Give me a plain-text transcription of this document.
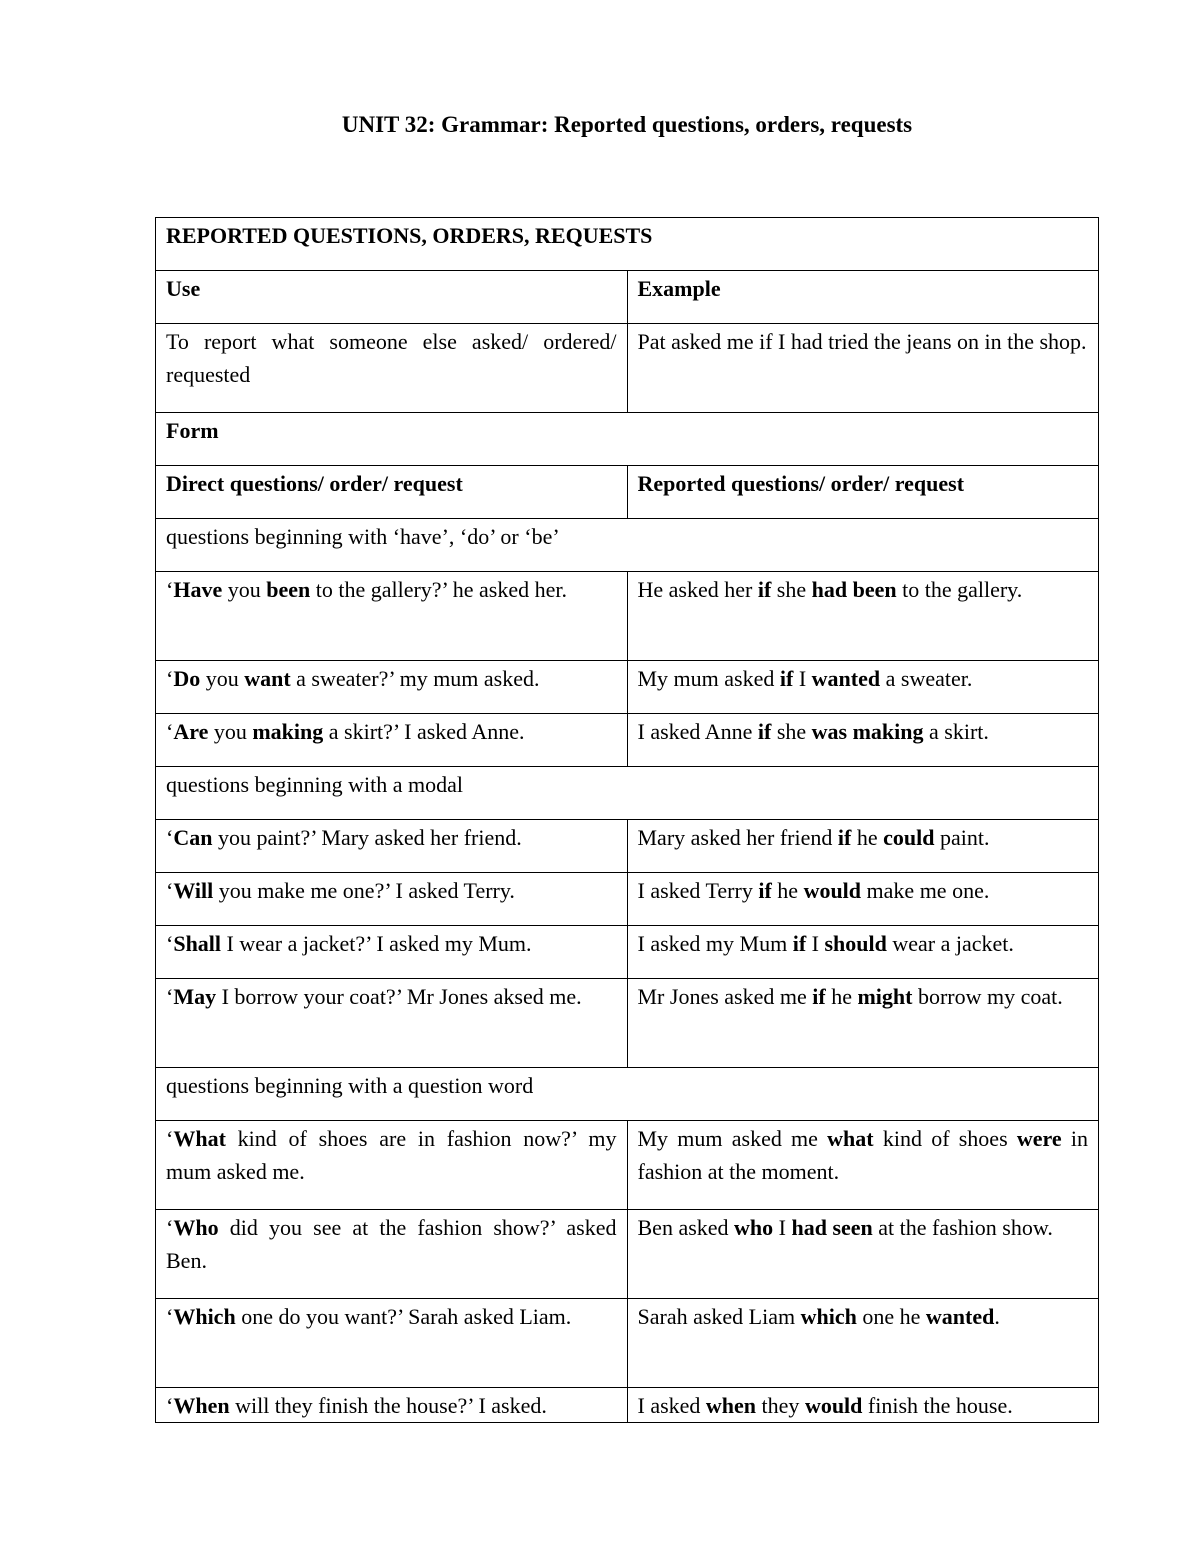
UNIT 32: Grammar: Reported questions, orders, requests
REPORTED QUESTIONS, ORDERS, REQUESTS	
Use	Example
To report what someone else asked/ ordered/ requested	Pat asked me if I had tried the jeans on in the shop.
Form	
Direct questions/ order/ request	Reported questions/ order/ request
questions beginning with ‘have’, ‘do’ or ‘be’	
‘Have you been to the gallery?’ he asked her.	He asked her if she had been to the gallery.
‘Do you want a sweater?’ my mum asked.	My mum asked if I wanted a sweater.
‘Are you making a skirt?’ I asked Anne.	I asked Anne if she was making a skirt.
questions beginning with a modal	
‘Can you paint?’ Mary asked her friend.	Mary asked her friend if he could paint.
‘Will you make me one?’ I asked Terry.	I asked Terry if he would make me one.
‘Shall I wear a jacket?’ I asked my Mum.	I asked my Mum if I should wear a jacket.
‘May I borrow your coat?’ Mr Jones aksed me.	Mr Jones asked me if he might borrow my coat.
questions beginning with a question word	
‘What kind of shoes are in fashion now?’ my mum asked me.	My mum asked me what kind of shoes were in fashion at the moment.
‘Who did you see at the fashion show?’ asked Ben.	Ben asked who I had seen at the fashion show.
‘Which one do you want?’ Sarah asked Liam.	Sarah asked Liam which one he wanted.
‘When will they finish the house?’ I asked.	I asked when they would finish the house.
